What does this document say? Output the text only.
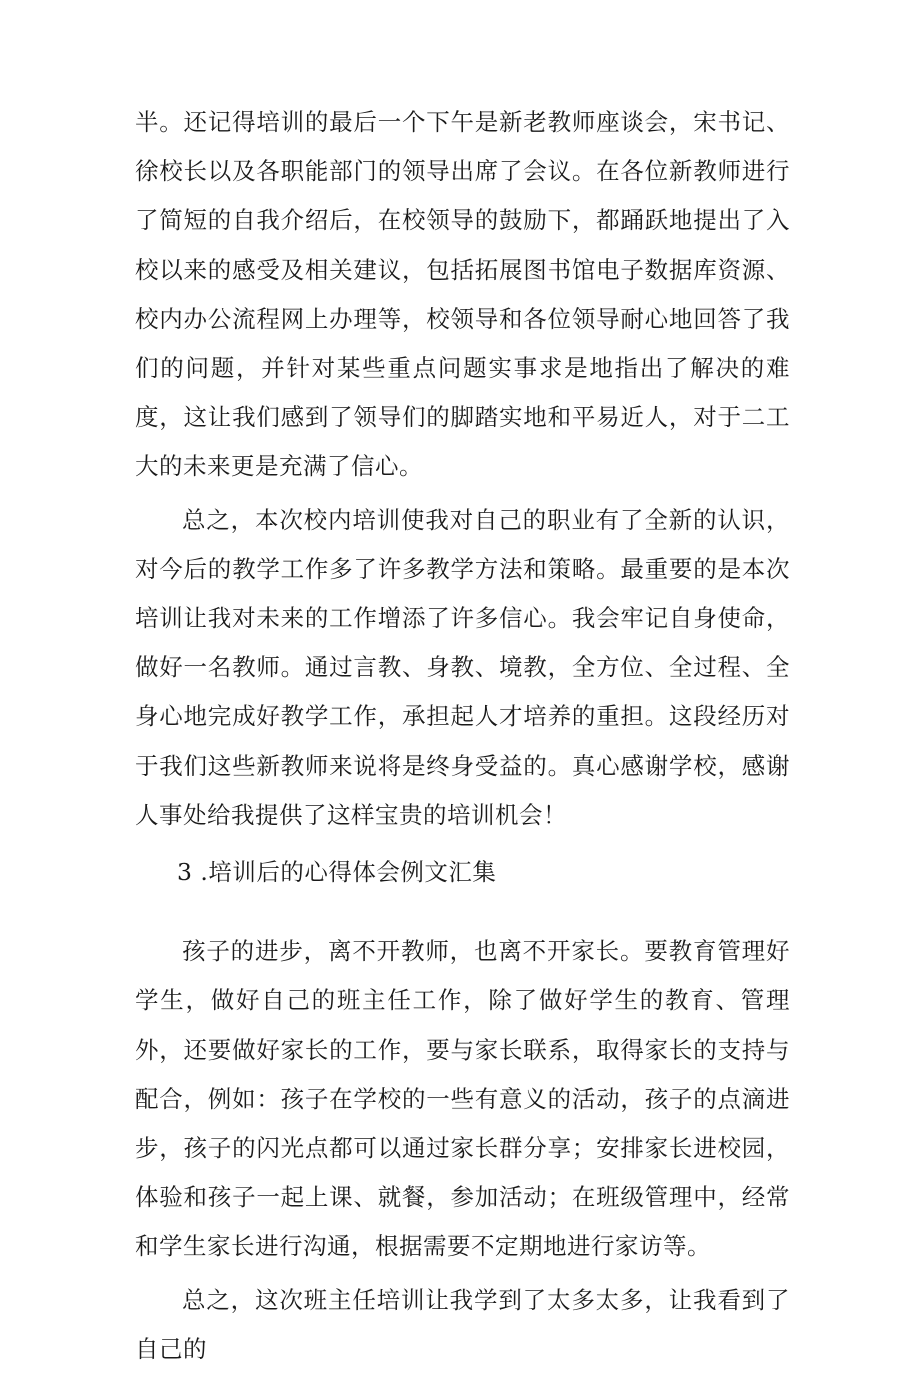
半。还记得培训的最后一个下午是新老教师座谈会，宋书记、徐校长以及各职能部门的领导出席了会议。在各位新教师进行了简短的自我介绍后，在校领导的鼓励下，都踊跃地提出了入校以来的感受及相关建议，包括拓展图书馆电子数据库资源、校内办公流程网上办理等，校领导和各位领导耐心地回答了我们的问题，并针对某些重点问题实事求是地指出了解决的难度，这让我们感到了领导们的脚踏实地和平易近人，对于二工大的未来更是充满了信心。

总之，本次校内培训使我对自己的职业有了全新的认识，对今后的教学工作多了许多教学方法和策略。最重要的是本次培训让我对未来的工作增添了许多信心。我会牢记自身使命，做好一名教师。通过言教、身教、境教，全方位、全过程、全身心地完成好教学工作，承担起人才培养的重担。这段经历对于我们这些新教师来说将是终身受益的。真心感谢学校，感谢人事处给我提供了这样宝贵的培训机会！

3 .培训后的心得体会例文汇集

孩子的进步，离不开教师，也离不开家长。要教育管理好学生，做好自己的班主任工作，除了做好学生的教育、管理外，还要做好家长的工作，要与家长联系，取得家长的支持与配合，例如：孩子在学校的一些有意义的活动，孩子的点滴进步，孩子的闪光点都可以通过家长群分享；安排家长进校园，体验和孩子一起上课、就餐，参加活动；在班级管理中，经常和学生家长进行沟通，根据需要不定期地进行家访等。

总之，这次班主任培训让我学到了太多太多，让我看到了自己的
